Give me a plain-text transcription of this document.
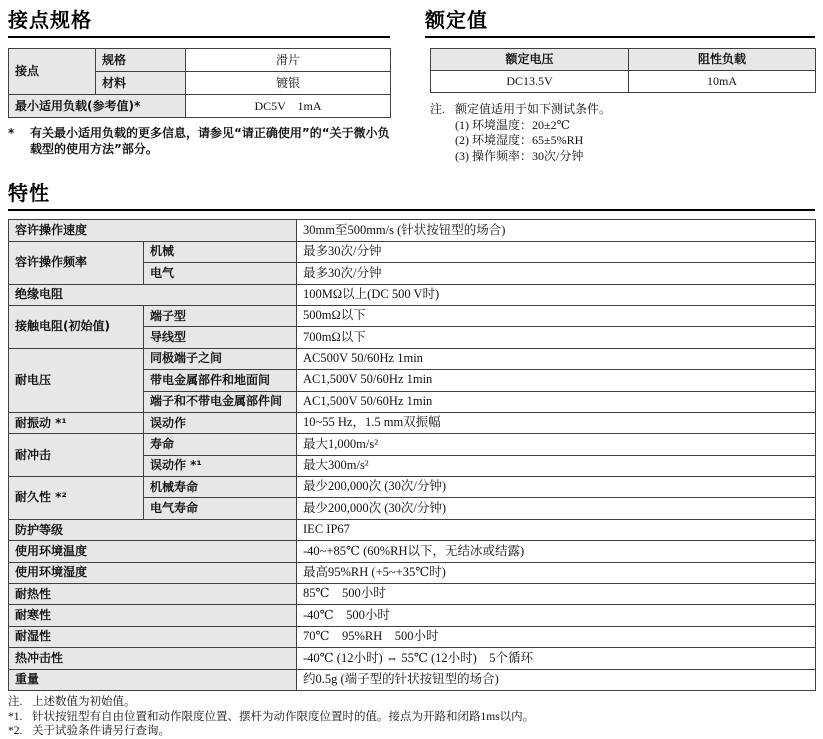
接点规格
接点	规格	滑片
	材料	镀银
最小适用负载(参考值)*		DC5V　1mA
*	有关最小适用负载的更多信息，请参见“请正确使用”的“关于微小负载型的使用方法”部分。
额定值
额定电压	阻性负载
DC13.5V	10mA
注. 额定值适用于如下测试条件。
(1) 环境温度：20±2℃
(2) 环境湿度：65±5%RH
(3) 操作频率：30次/分钟
特性
容许操作速度		30mm至500mm/s (针状按钮型的场合)
容许操作频率	机械	最多30次/分钟
	电气	最多30次/分钟
绝缘电阻		100MΩ以上(DC 500 V时)
接触电阻(初始值)	端子型	500mΩ以下
	导线型	700mΩ以下
耐电压	同极端子之间	AC500V 50/60Hz 1min
	带电金属部件和地面间	AC1,500V 50/60Hz 1min
	端子和不带电金属部件间	AC1,500V 50/60Hz 1min
耐振动 *¹	误动作	10~55 Hz，1.5 mm双振幅
耐冲击	寿命	最大1,000m/s²
	误动作 *¹	最大300m/s²
耐久性 *²	机械寿命	最少200,000次 (30次/分钟)
	电气寿命	最少200,000次 (30次/分钟)
防护等级		IEC IP67
使用环境温度		-40~+85℃ (60%RH以下，无结冰或结露)
使用环境湿度		最高95%RH (+5~+35℃时)
耐热性		85℃　500小时
耐寒性		-40℃　500小时
耐湿性		70℃　95%RH　500小时
热冲击性		-40℃ (12小时) ⇔ 55℃ (12小时)　5个循环
重量		约0.5g (端子型的针状按钮型的场合)
注. 上述数值为初始值。
*1. 针状按钮型有自由位置和动作限度位置、摆杆为动作限度位置时的值。接点为开路和闭路1ms以内。
*2. 关于试验条件请另行查询。
